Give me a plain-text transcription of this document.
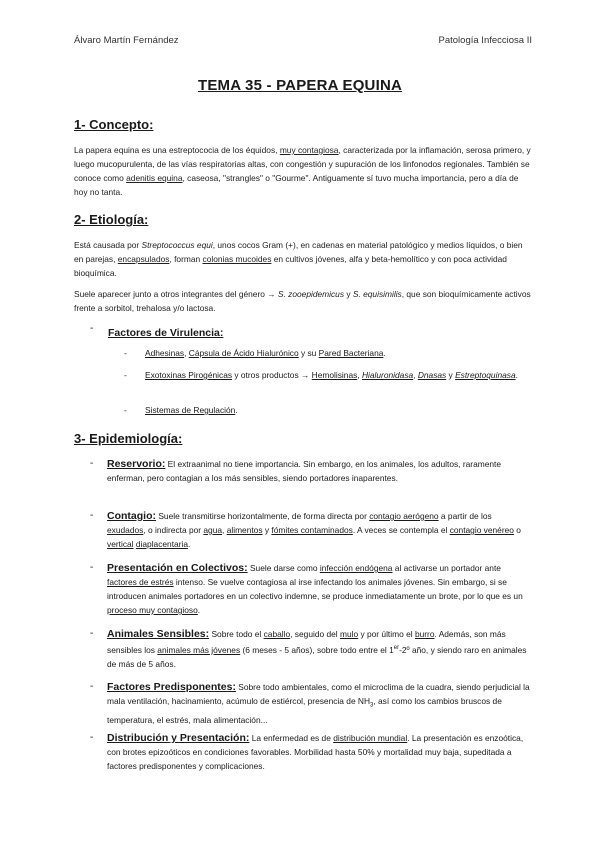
Álvaro Martín Fernández	Patología Infecciosa II
TEMA 35 - PAPERA EQUINA
1- Concepto:

La papera equina es una estreptococia de los équidos, muy contagiosa, caracterizada por la inflamación, serosa primero, y luego mucopurulenta, de las vías respiratorias altas, con congestión y supuración de los linfonodos regionales. También se conoce como adenitis equina, caseosa, "strangles" o "Gourme". Antiguamente sí tuvo mucha importancia, pero a día de hoy no tanta.

2- Etiología:

Está causada por Streptococcus equi, unos cocos Gram (+), en cadenas en material patológico y medios líquidos, o bien en parejas, encapsulados, forman colonias mucoides en cultivos jóvenes, alfa y beta-hemolítico y con poca actividad bioquímica.

Suele aparecer junto a otros integrantes del género → S. zooepidemicus y S. equisimilis, que son bioquímicamente activos frente a sorbitol, trehalosa y/o lactosa.

- Factores de Virulencia:
- Adhesinas, Cápsula de Ácido Hialurónico y su Pared Bacteriana.
- Exotoxinas Pirogénicas y otros productos → Hemolisinas, Hialuronidasa, Dnasas y Estreptoquinasa.
- Sistemas de Regulación.
3- Epidemiología:
- Reservorio: El extraanimal no tiene importancia. Sin embargo, en los animales, los adultos, raramente enferman, pero contagian a los más sensibles, siendo portadores inaparentes.
- Contagio: Suele transmitirse horizontalmente, de forma directa por contagio aerógeno a partir de los exudados, o indirecta por agua, alimentos y fómites contaminados. A veces se contempla el contagio venéreo o vertical diaplacentaria.
- Presentación en Colectivos: Suele darse como infección endógena al activarse un portador ante factores de estrés intenso. Se vuelve contagiosa al irse infectando los animales jóvenes. Sin embargo, si se introducen animales portadores en un colectivo indemne, se produce inmediatamente un brote, por lo que es un proceso muy contagioso.
- Animales Sensibles: Sobre todo el caballo, seguido del mulo y por último el burro. Además, son más sensibles los animales más jóvenes (6 meses - 5 años), sobre todo entre el 1er-2º año, y siendo raro en animales de más de 5 años.
- Factores Predisponentes: Sobre todo ambientales, como el microclima de la cuadra, siendo perjudicial la mala ventilación, hacinamiento, acúmulo de estiércol, presencia de $NH_3$, así como los cambios bruscos de temperatura, el estrés, mala alimentación...
- Distribución y Presentación: La enfermedad es de distribución mundial. La presentación es enzoótica, con brotes epizoóticos en condiciones favorables. Morbilidad hasta 50% y mortalidad muy baja, supeditada a factores predisponentes y complicaciones.
